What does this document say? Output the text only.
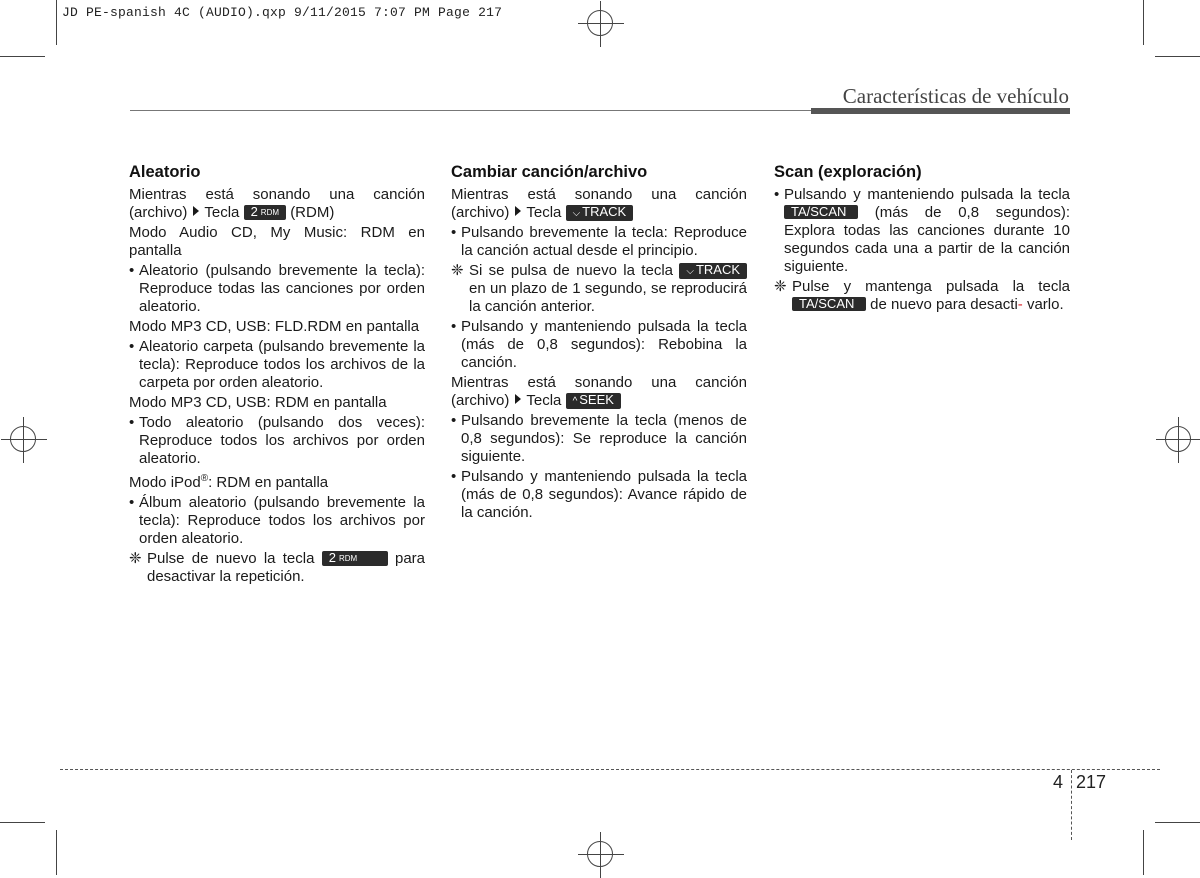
JD PE-spanish 4C (AUDIO).qxp 9/11/2015 7:07 PM Page 217
Características de vehículo
Aleatorio
Mientras está sonando una canción (archivo) Tecla 2 RDM (RDM)
Modo Audio CD, My Music: RDM en pantalla
• Aleatorio (pulsando brevemente la tecla): Reproduce todas las canciones por orden aleatorio.
Modo MP3 CD, USB: FLD.RDM en pantalla
• Aleatorio carpeta (pulsando brevemente la tecla): Reproduce todos los archivos de la carpeta por orden aleatorio.
Modo MP3 CD, USB: RDM en pantalla
• Todo aleatorio (pulsando dos veces): Reproduce todos los archivos por orden aleatorio.
Modo iPod®: RDM en pantalla
• Álbum aleatorio (pulsando brevemente la tecla): Reproduce todos los archivos por orden aleatorio.
❈ Pulse de nuevo la tecla 2 RDM	para desactivar la repetición.
Cambiar canción/archivo
Mientras está sonando una canción (archivo) Tecla ⌵ TRACK
• Pulsando brevemente la tecla: Reproduce la canción actual desde el principio.
❈ Si se pulsa de nuevo la tecla ⌵ TRACK en un plazo de 1 segundo, se reproducirá la canción anterior.
• Pulsando y manteniendo pulsada la tecla (más de 0,8 segundos): Rebobina la canción.
Mientras está sonando una canción (archivo) Tecla ^ SEEK
• Pulsando brevemente la tecla (menos de 0,8 segundos): Se reproduce la canción siguiente.
• Pulsando y manteniendo pulsada la tecla (más de 0,8 segundos): Avance rápido de la canción.
Scan (exploración)
• Pulsando y manteniendo pulsada la tecla TA/SCAN (más de 0,8 segundos): Explora todas las canciones durante 10 segundos cada una a partir de la canción siguiente.
❈ Pulse y mantenga pulsada la tecla TA/SCAN de nuevo para desacti- varlo.
4 217
